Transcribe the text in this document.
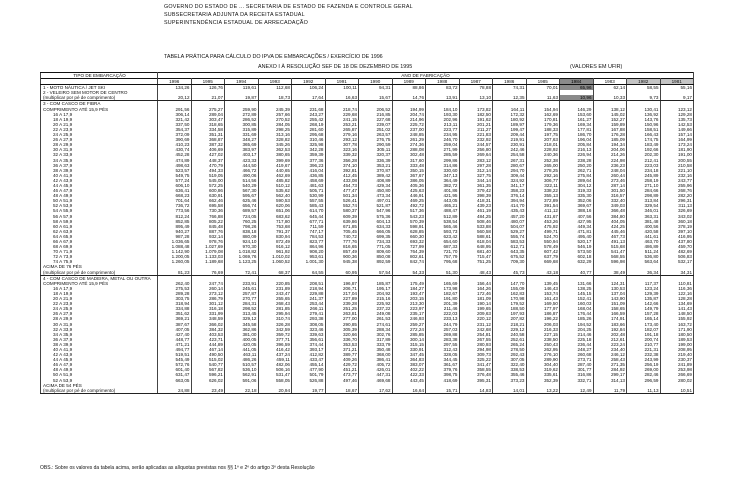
GOVERNO DO ESTADO DE ... SECRETARIA DE ESTADO DE FAZENDA E CONTROLE GERAL
SUBSECRETARIA ADJUNTA DA RECEITA ESTADUAL
SUPERINTENDÊNCIA ESTADUAL DE ARRECADAÇÃO
TABELA PRÁTICA PARA CÁLCULO DO IPVA DE EMBARCAÇÕES / EXERCÍCIO DE 1996
ANEXO I À RESOLUÇÃO SEF DE 18 DE DEZEMBRO DE 1995	(VALORES EM UFIR)
TIPO DE EMBARCAÇÃO	ANO DE FABRICAÇÃO															
	1996	1995	1994	1993	1992	1991	1990	1989	1988	1987	1986	1985	1984	1983	1982	1981
1 - MOTO NÁUTICA / JET SKI	134,26	126,76	119,61	112,68	106,24	100,11	94,31	88,86	83,72	78,88	74,31	70,01	65,96	62,14	58,55	55,16
2 - VELEIRO SEM MOTOR DE CENTRO																
(multiplicar por pé de comprimento)	20,12	21,07	19,87	18,73	17,64	16,63	15,67	14,76	13,91	13,10	12,35	11,63	10,96	10,33	9,73	9,17
3 - COM CASCO DE FIBRA																
COMPRIMENTO ATÉ 15,9 PÉS	291,56	275,27	259,90	245,39	231,68	218,74	206,52	194,99	184,10	173,82	164,11	154,94	146,29	138,12	130,41	123,12
16 A 17,9	306,14	289,04	272,89	257,66	243,27	229,68	216,85	204,74	193,30	182,50	172,32	162,69	153,60	145,02	136,92	129,28
18 A 19,9	321,42	303,47	286,52	270,52	255,42	241,15	227,68	214,96	202,96	191,62	180,92	170,81	161,27	152,27	143,76	135,73
20 A 21,9	337,50	318,65	300,85	284,05	268,19	253,21	239,07	225,72	213,11	201,21	189,97	179,36	169,34	159,89	150,96	142,53
22 A 23,9	354,37	334,58	315,89	298,25	281,60	265,87	251,02	237,00	223,77	211,27	199,47	188,33	177,81	167,88	158,51	149,66
24 A 25,9	372,09	351,31	331,69	313,16	295,68	279,16	263,57	248,85	234,95	221,83	209,44	197,75	186,70	176,28	166,43	157,14
26 A 27,9	390,69	368,87	348,27	328,82	310,46	293,12	276,75	261,29	246,70	232,92	219,91	207,63	196,04	185,09	174,75	164,99
28 A 29,9	410,23	387,32	365,69	345,26	325,98	307,78	290,59	274,36	259,04	244,57	230,91	218,01	205,84	194,34	183,49	173,24
30 A 31,9	430,74	406,69	383,97	362,53	342,28	323,16	305,11	288,08	271,99	256,80	242,46	228,92	216,13	204,06	192,66	181,90
32 A 33,9	452,28	427,02	403,17	380,65	359,39	339,32	320,37	302,48	285,59	269,64	254,58	240,36	226,94	214,26	202,30	191,00
34 A 35,9	474,89	448,37	423,33	399,69	377,36	356,28	336,39	317,60	299,86	283,12	267,31	252,38	238,28	224,98	212,41	200,55
36 A 37,9	498,63	470,79	444,50	419,67	396,23	374,10	353,21	333,48	314,86	297,28	280,67	265,00	250,20	236,23	223,03	210,58
38 A 39,9	523,57	494,33	466,72	440,65	416,04	392,81	370,87	350,15	330,60	312,14	294,70	278,25	262,71	248,04	234,18	221,10
40 A 41,9	549,75	519,05	490,06	462,69	436,85	412,45	389,42	367,67	347,13	327,75	309,44	292,16	275,84	260,44	245,89	232,16
42 A 43,9	577,24	545,00	514,56	485,82	458,69	433,08	408,89	386,05	364,49	344,14	324,92	306,77	289,64	273,46	258,19	243,77
44 A 45,9	606,10	572,25	540,29	510,12	481,63	454,73	429,34	405,36	382,72	361,35	341,17	322,11	304,12	287,14	271,10	255,96
46 A 47,9	636,41	600,86	567,30	535,62	505,71	477,47	450,80	425,63	401,86	379,42	358,23	338,22	319,33	301,50	284,66	268,76
48 A 49,9	668,23	630,91	595,67	562,40	530,99	501,34	473,34	446,91	421,95	398,39	376,14	355,13	335,30	316,57	298,89	282,20
50 A 51,9	701,64	662,46	625,46	590,53	557,55	526,41	497,01	469,25	443,05	418,31	394,94	372,89	352,06	332,40	313,84	296,31
52 A 53,9	736,72	695,58	656,74	620,06	585,43	552,74	521,87	492,72	465,21	439,23	414,70	391,54	369,67	349,03	329,54	311,13
54 A 55,9	773,56	730,36	689,57	651,06	614,70	580,37	547,96	517,36	488,47	461,19	435,43	411,12	388,16	366,48	346,01	326,69
56 A 57,9	812,24	766,88	724,05	683,62	645,44	609,39	575,36	543,23	512,89	484,25	457,20	431,67	407,56	384,80	363,31	343,02
58 A 59,9	852,85	805,22	760,25	717,80	677,71	639,86	604,13	570,39	538,54	508,46	480,07	453,26	427,95	404,05	381,48	360,18
60 A 61,9	895,49	845,48	798,26	753,68	711,59	671,85	634,33	598,91	565,46	533,88	504,07	475,92	449,34	424,25	400,56	378,19
62 A 63,9	940,27	887,76	838,18	791,37	747,17	705,45	666,05	628,85	593,73	560,58	529,27	499,71	471,81	445,46	420,58	397,10
64 A 65,9	987,28	932,14	880,09	830,94	784,53	740,72	699,35	660,30	623,42	588,61	555,74	524,70	495,40	467,73	441,61	416,95
66 A 67,9	1.036,65	978,76	924,10	872,49	823,77	777,76	734,33	693,32	654,60	618,04	583,53	550,94	520,17	491,13	463,70	437,80
68 A 69,9	1.088,48	1.027,69	970,30	916,12	864,96	816,65	771,05	727,99	687,33	648,95	612,71	578,49	546,19	515,68	486,89	459,70
70 A 71,9	1.142,90	1.079,08	1.018,82	961,92	908,20	857,49	809,60	764,39	721,70	681,40	643,35	607,42	573,50	541,47	511,24	482,69
72 A 73,9	1.200,05	1.133,03	1.069,76	1.010,02	953,61	900,36	850,08	802,61	757,79	715,47	675,52	637,79	602,18	568,55	536,80	506,83
74 A 75,9	1.260,05	1.189,68	1.123,25	1.060,52	1.001,30	945,38	892,59	842,74	795,68	751,25	709,30	669,68	632,29	596,98	563,64	532,17
ACIMA DE 76 PÉS																
(multiplicar por pé de comprimento)	81,23	76,69	72,41	68,37	64,55	60,95	57,54	54,33	51,30	48,43	45,73	43,18	40,77	38,49	36,34	34,31
4 - COM CASCO DE MADEIRA, METAL OU OUTRA																
COMPRIMENTO ATÉ 15,9 PÉS	262,40	247,74	233,91	220,85	208,51	196,87	185,87	175,49	165,69	156,44	147,70	139,45	131,66	124,31	117,37	110,81
16 A 17,9	275,53	260,14	245,61	231,89	218,94	206,71	195,17	184,27	173,98	164,26	155,09	146,43	138,25	130,53	123,24	116,36
18 A 19,9	289,28	273,12	257,87	243,47	229,88	217,04	204,92	193,47	182,67	172,46	162,83	153,74	145,15	137,04	129,39	122,16
20 A 21,9	303,75	286,79	270,77	255,65	241,37	227,89	215,16	203,15	191,80	181,09	170,98	161,43	152,41	143,90	135,87	128,28
22 A 23,9	318,94	301,12	284,31	268,43	253,44	239,28	225,92	213,30	201,39	190,14	179,52	169,50	160,03	151,09	142,66	134,69
24 A 25,9	334,88	316,18	298,52	281,85	266,11	251,25	237,22	223,97	211,46	199,65	188,50	177,97	168,04	158,65	149,79	141,43
26 A 27,9	351,62	331,99	313,45	295,94	279,41	263,81	249,08	235,17	222,03	209,63	197,93	186,87	176,44	166,59	157,28	148,50
28 A 29,9	369,21	348,59	329,12	310,74	293,38	277,00	261,53	246,93	233,13	220,12	207,82	196,22	185,26	174,91	165,14	155,92
30 A 31,9	387,67	366,02	345,58	326,28	308,05	290,85	274,61	259,27	244,79	231,12	218,21	206,03	194,52	183,66	173,40	163,72
32 A 33,9	407,05	384,32	362,86	342,59	323,46	305,39	288,34	272,24	257,03	242,68	229,12	216,33	204,25	192,84	182,07	171,90
34 A 35,9	427,40	403,53	381,00	359,72	339,63	320,66	302,76	285,85	269,88	254,81	240,58	227,15	214,46	202,48	191,18	180,50
36 A 37,9	448,77	423,71	400,05	377,71	356,61	336,70	317,89	300,14	283,38	267,55	252,61	238,50	225,18	212,61	200,74	189,53
38 A 39,9	471,21	444,89	420,05	396,59	374,44	353,53	333,79	315,15	297,55	280,93	265,24	250,43	236,44	223,24	210,77	199,00
40 A 41,9	494,77	467,14	441,05	416,42	393,17	371,21	350,48	330,91	312,43	294,98	278,50	262,95	248,27	234,40	221,31	208,95
42 A 43,9	519,51	490,50	463,11	437,24	412,82	389,77	368,00	347,45	328,05	309,73	292,43	276,10	260,68	246,12	232,38	219,40
44 A 45,9	545,49	515,02	486,26	459,11	433,47	409,26	386,41	364,83	344,45	325,22	307,05	289,90	273,71	258,43	243,99	230,37
46 A 47,9	572,76	540,77	510,57	482,06	455,14	429,72	405,72	383,07	361,67	341,47	322,40	304,40	287,40	271,35	256,19	241,89
48 A 49,9	601,40	567,82	536,10	506,16	477,90	451,21	426,01	402,22	379,76	358,55	338,53	319,62	301,77	284,92	269,00	253,98
50 A 51,9	631,47	596,21	562,91	531,47	501,79	473,77	447,31	422,33	398,75	376,48	355,46	335,61	316,86	299,17	282,46	266,69
52 A 53,9	663,05	626,02	591,06	558,05	526,88	497,46	469,68	443,45	418,69	395,31	373,23	352,39	332,71	314,13	296,59	280,02
ACIMA DE 54 PÉS																
(multiplicar por pé de comprimento)	24,88	23,49	22,18	20,94	19,77	18,67	17,62	16,64	15,71	14,83	14,01	13,22	12,49	11,79	11,13	10,51
OBS.: Sobre os valores da tabela acima, serão aplicadas as alíquotas previstas nos §§ 1º e 2º do artigo 3º desta Resolução
